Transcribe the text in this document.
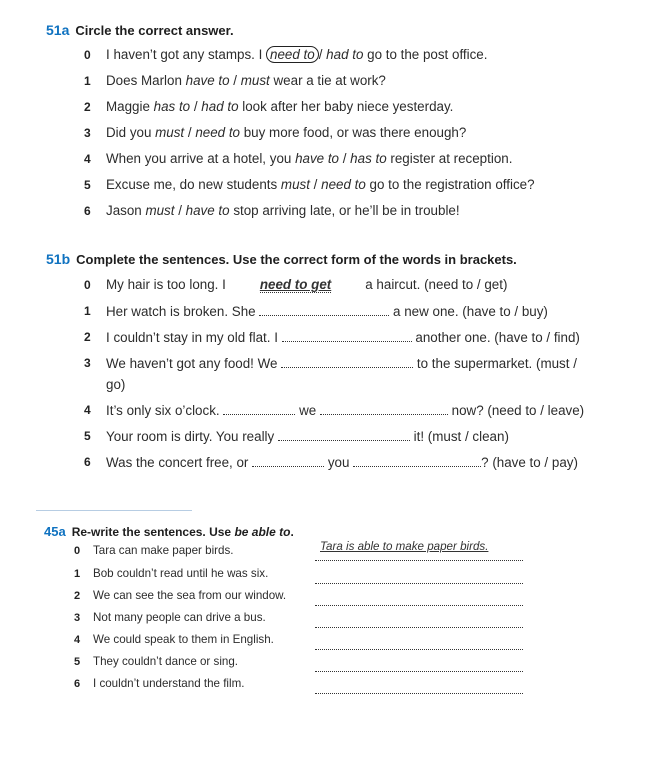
51a Circle the correct answer.
0 I haven’t got any stamps. I need to / had to go to the post office.
1 Does Marlon have to / must wear a tie at work?
2 Maggie has to / had to look after her baby niece yesterday.
3 Did you must / need to buy more food, or was there enough?
4 When you arrive at a hotel, you have to / has to register at reception.
5 Excuse me, do new students must / need to go to the registration office?
6 Jason must / have to stop arriving late, or he’ll be in trouble!
51b Complete the sentences. Use the correct form of the words in brackets.
0 My hair is too long. I need to get a haircut. (need to / get)
1 Her watch is broken. She	a new one. (have to / buy)
2 I couldn’t stay in my old flat. I	another one. (have to / find)
3 We haven’t got any food! We	to the supermarket. (must /
go)
4 It’s only six o’clock.	we	now? (need to / leave)
5 Your room is dirty. You really	it! (must / clean)
6 Was the concert free, or	you	? (have to / pay)
45a Re-write the sentences. Use be able to.
0 Tara can make paper birds.	Tara is able to make paper birds.
1 Bob couldn’t read until he was six.
2 We can see the sea from our window.
3 Not many people can drive a bus.
4 We could speak to them in English.
5 They couldn’t dance or sing.
6 I couldn’t understand the film.
